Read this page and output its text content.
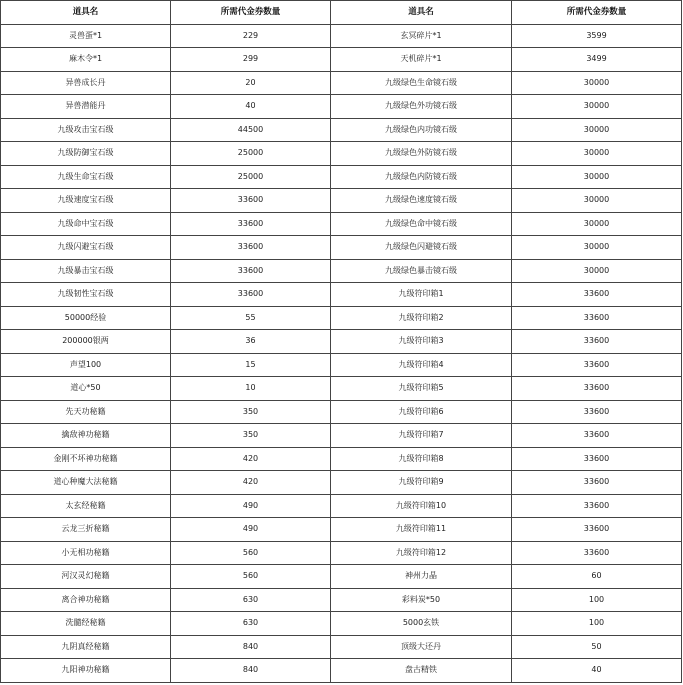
道具名	所需代金券数量	道具名	所需代金券数量
灵兽蛋*1	229	玄冥碎片*1	3599
麻木令*1	299	天机碎片*1	3499
异兽成长丹	20	九级绿色生命镜石级	30000
异兽潜能丹	40	九级绿色外功镜石级	30000
九级攻击宝石级	44500	九级绿色内功镜石级	30000
九级防御宝石级	25000	九级绿色外防镜石级	30000
九级生命宝石级	25000	九级绿色内防镜石级	30000
九级速度宝石级	33600	九级绿色速度镜石级	30000
九级命中宝石级	33600	九级绿色命中镜石级	30000
九级闪避宝石级	33600	九级绿色闪避镜石级	30000
九级暴击宝石级	33600	九级绿色暴击镜石级	30000
九级韧性宝石级	33600	九级符印箱1	33600
50000经验	55	九级符印箱2	33600
200000银两	36	九级符印箱3	33600
声望100	15	九级符印箱4	33600
道心*50	10	九级符印箱5	33600
先天功秘籍	350	九级符印箱6	33600
擒敌神功秘籍	350	九级符印箱7	33600
金刚不坏神功秘籍	420	九级符印箱8	33600
道心种魔大法秘籍	420	九级符印箱9	33600
太玄经秘籍	490	九级符印箱10	33600
云龙三折秘籍	490	九级符印箱11	33600
小无相功秘籍	560	九级符印箱12	33600
河汉灵幻秘籍	560	神州力晶	60
离合神功秘籍	630	彩料炭*50	100
洗髓经秘籍	630	5000玄铁	100
九阴真经秘籍	840	顶级大还丹	50
九阳神功秘籍	840	盘古精铁	40
